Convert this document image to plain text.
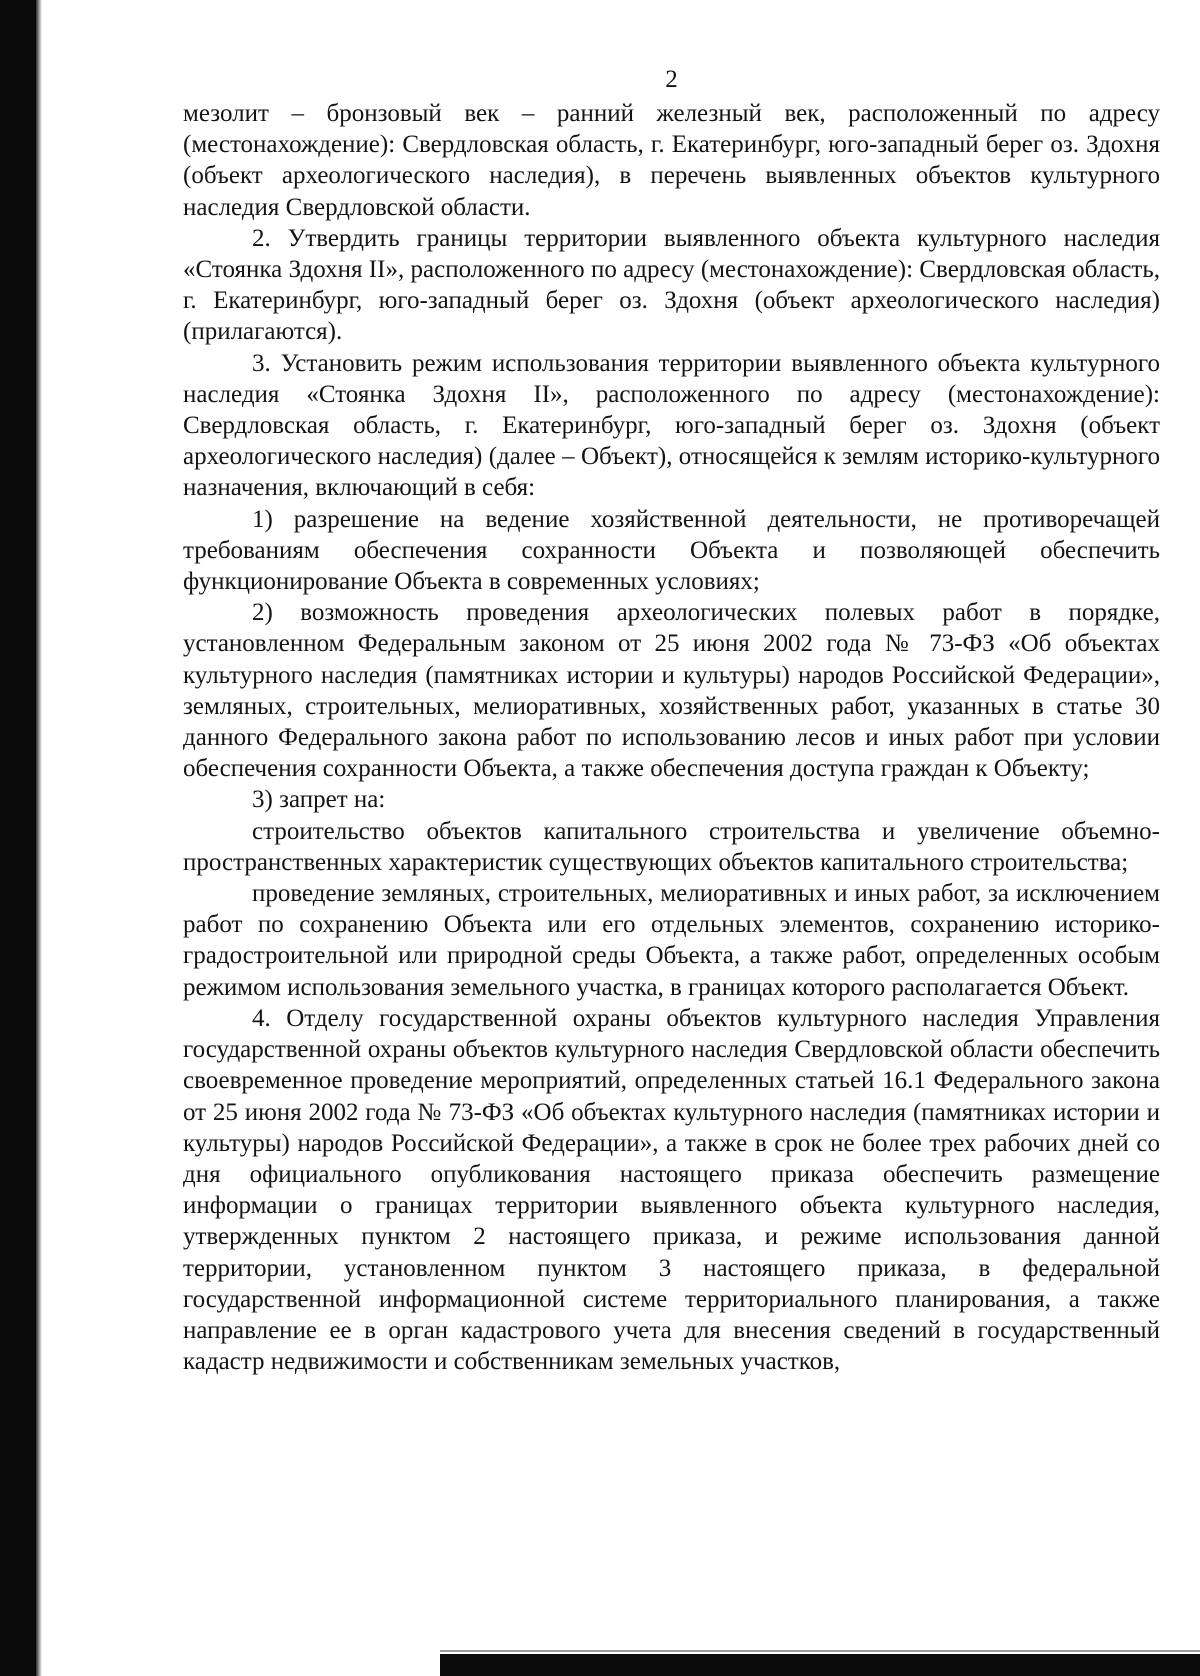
2

мезолит – бронзовый век – ранний железный век, расположенный по адресу (местонахождение): Свердловская область, г. Екатеринбург, юго-западный берег оз. Здохня (объект археологического наследия), в перечень выявленных объектов культурного наследия Свердловской области.

2. Утвердить границы территории выявленного объекта культурного наследия «Стоянка Здохня II», расположенного по адресу (местонахождение): Свердловская область, г. Екатеринбург, юго-западный берег оз. Здохня (объект археологического наследия) (прилагаются).

3. Установить режим использования территории выявленного объекта культурного наследия «Стоянка Здохня II», расположенного по адресу (местонахождение): Свердловская область, г. Екатеринбург, юго-западный берег оз. Здохня (объект археологического наследия) (далее – Объект), относящейся к землям историко-культурного назначения, включающий в себя:

1) разрешение на ведение хозяйственной деятельности, не противоречащей требованиям обеспечения сохранности Объекта и позволяющей обеспечить функционирование Объекта в современных условиях;

2) возможность проведения археологических полевых работ в порядке, установленном Федеральным законом от 25 июня 2002 года № 73-ФЗ «Об объектах культурного наследия (памятниках истории и культуры) народов Российской Федерации», земляных, строительных, мелиоративных, хозяйственных работ, указанных в статье 30 данного Федерального закона работ по использованию лесов и иных работ при условии обеспечения сохранности Объекта, а также обеспечения доступа граждан к Объекту;

3) запрет на:

строительство объектов капитального строительства и увеличение объемно-пространственных характеристик существующих объектов капитального строительства;

проведение земляных, строительных, мелиоративных и иных работ, за исключением работ по сохранению Объекта или его отдельных элементов, сохранению историко-градостроительной или природной среды Объекта, а также работ, определенных особым режимом использования земельного участка, в границах которого располагается Объект.

4. Отделу государственной охраны объектов культурного наследия Управления государственной охраны объектов культурного наследия Свердловской области обеспечить своевременное проведение мероприятий, определенных статьей 16.1 Федерального закона от 25 июня 2002 года № 73-ФЗ «Об объектах культурного наследия (памятниках истории и культуры) народов Российской Федерации», а также в срок не более трех рабочих дней со дня официального опубликования настоящего приказа обеспечить размещение информации о границах территории выявленного объекта культурного наследия, утвержденных пунктом 2 настоящего приказа, и режиме использования данной территории, установленном пунктом 3 настоящего приказа, в федеральной государственной информационной системе территориального планирования, а также направление ее в орган кадастрового учета для внесения сведений в государственный кадастр недвижимости и собственникам земельных участков,
